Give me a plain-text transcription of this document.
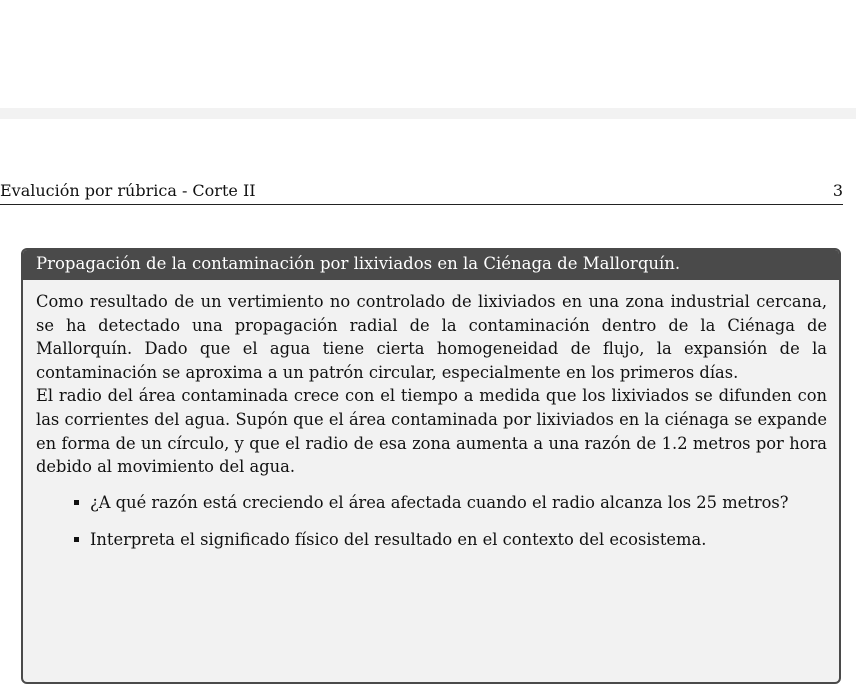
Evalución por rúbrica - Corte II	3
Propagación de la contaminación por lixiviados en la Ciénaga de Mallorquín.

Como resultado de un vertimiento no controlado de lixiviados en una zona industrial cercana, se ha detectado una propagación radial de la contaminación dentro de la Ciénaga de Mallorquín. Dado que el agua tiene cierta homogeneidad de flujo, la expansión de la contaminación se aproxima a un patrón circular, especialmente en los primeros días.

El radio del área contaminada crece con el tiempo a medida que los lixiviados se difunden con las corrientes del agua. Supón que el área contaminada por lixiviados en la ciénaga se expande en forma de un círculo, y que el radio de esa zona aumenta a una razón de 1.2 metros por hora debido al movimiento del agua.

¿A qué razón está creciendo el área afectada cuando el radio alcanza los 25 metros?
Interpreta el significado físico del resultado en el contexto del ecosistema.
